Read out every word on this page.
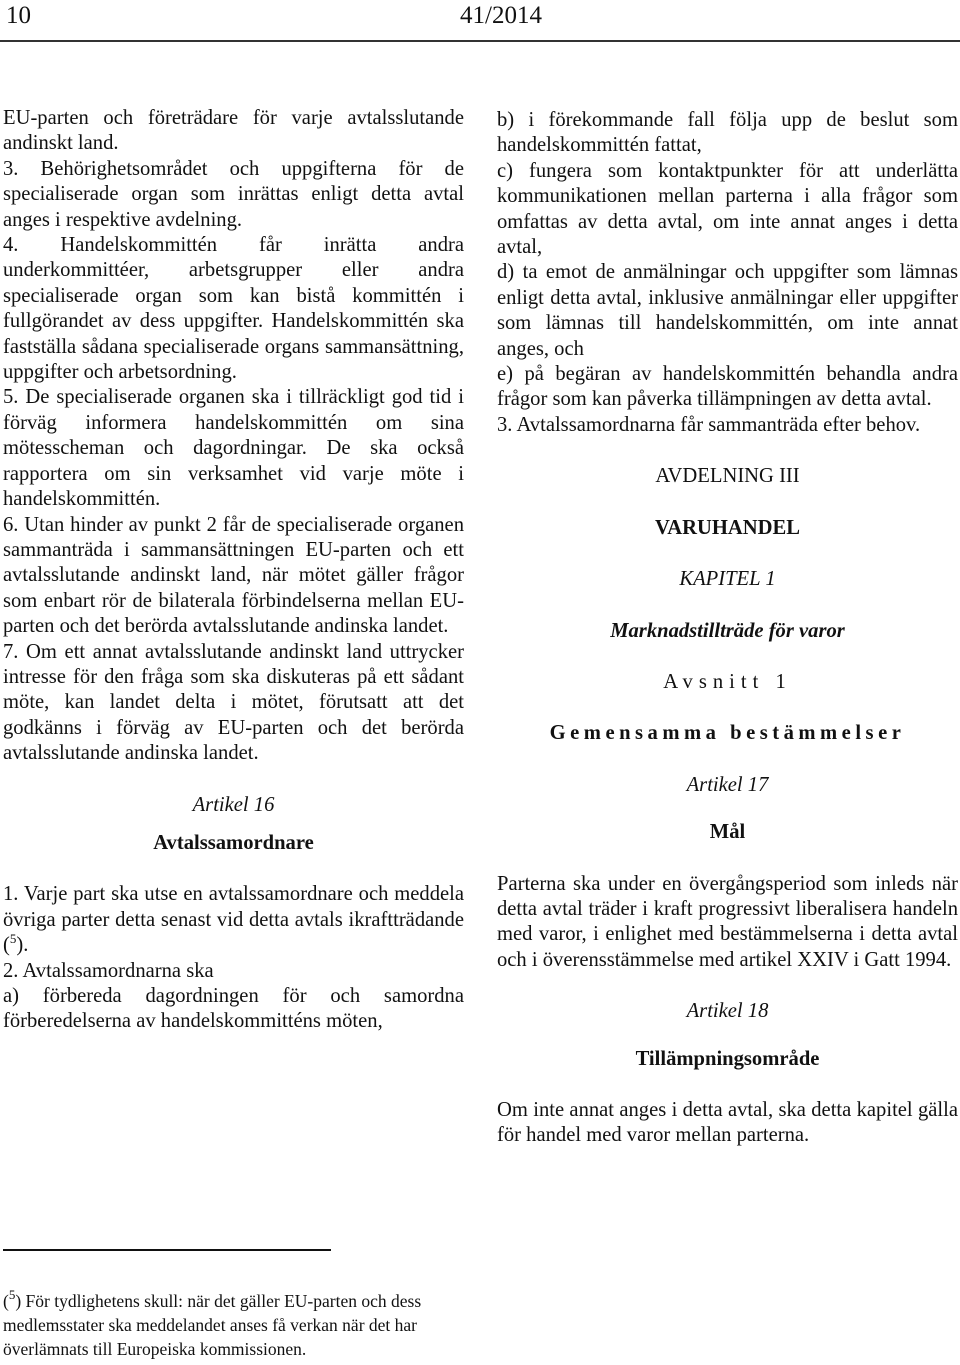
10	41/2014

EU-parten och företrädare för varje avtalsslutande andinskt land.

3. Behörighetsområdet och uppgifterna för de specialiserade organ som inrättas enligt detta avtal anges i respektive avdelning.

4. Handelskommittén får inrätta andra underkommittéer, arbetsgrupper eller andra specialiserade organ som kan bistå kommittén i fullgörandet av dess uppgifter. Handelskommittén ska fastställa sådana specialiserade organs sammansättning, uppgifter och arbetsordning.

5. De specialiserade organen ska i tillräckligt god tid i förväg informera handelskommittén om sina mötesscheman och dagordningar. De ska också rapportera om sin verksamhet vid varje möte i handelskommittén.

6. Utan hinder av punkt 2 får de specialiserade organen sammanträda i sammansättningen EU-parten och ett avtalsslutande andinskt land, när mötet gäller frågor som enbart rör de bilaterala förbindelserna mellan EU-parten och det berörda avtalsslutande andinska landet.

7. Om ett annat avtalsslutande andinskt land uttrycker intresse för den fråga som ska diskuteras på ett sådant möte, kan landet delta i mötet, förutsatt att det godkänns i förväg av EU-parten och det berörda avtalsslutande andinska landet.

Artikel 16

Avtalssamordnare

1. Varje part ska utse en avtalssamordnare och meddela övriga parter detta senast vid detta avtals ikraftträdande ($^5$).

2. Avtalssamordnarna ska

a) förbereda dagordningen för och samordna förberedelserna av handelskommitténs möten,

b) i förekommande fall följa upp de beslut som handelskommittén fattat,

c) fungera som kontaktpunkter för att underlätta kommunikationen mellan parterna i alla frågor som omfattas av detta avtal, om inte annat anges i detta avtal,

d) ta emot de anmälningar och uppgifter som lämnas enligt detta avtal, inklusive anmälningar eller uppgifter som lämnas till handelskommittén, om inte annat anges, och

e) på begäran av handelskommittén behandla andra frågor som kan påverka tillämpningen av detta avtal.

3. Avtalssamordnarna får sammanträda efter behov.

AVDELNING III

VARUHANDEL

KAPITEL 1

Marknadstillträde för varor

Avsnitt 1

Gemensamma bestämmelser

Artikel 17

Mål

Parterna ska under en övergångsperiod som inleds när detta avtal träder i kraft progressivt liberalisera handeln med varor, i enlighet med bestämmelserna i detta avtal och i överensstämmelse med artikel XXIV i Gatt 1994.

Artikel 18

Tillämpningsområde

Om inte annat anges i detta avtal, ska detta kapitel gälla för handel med varor mellan parterna.

($^5$) För tydlighetens skull: när det gäller EU-parten och dess medlemsstater ska meddelandet anses få verkan när det har överlämnats till Europeiska kommissionen.
